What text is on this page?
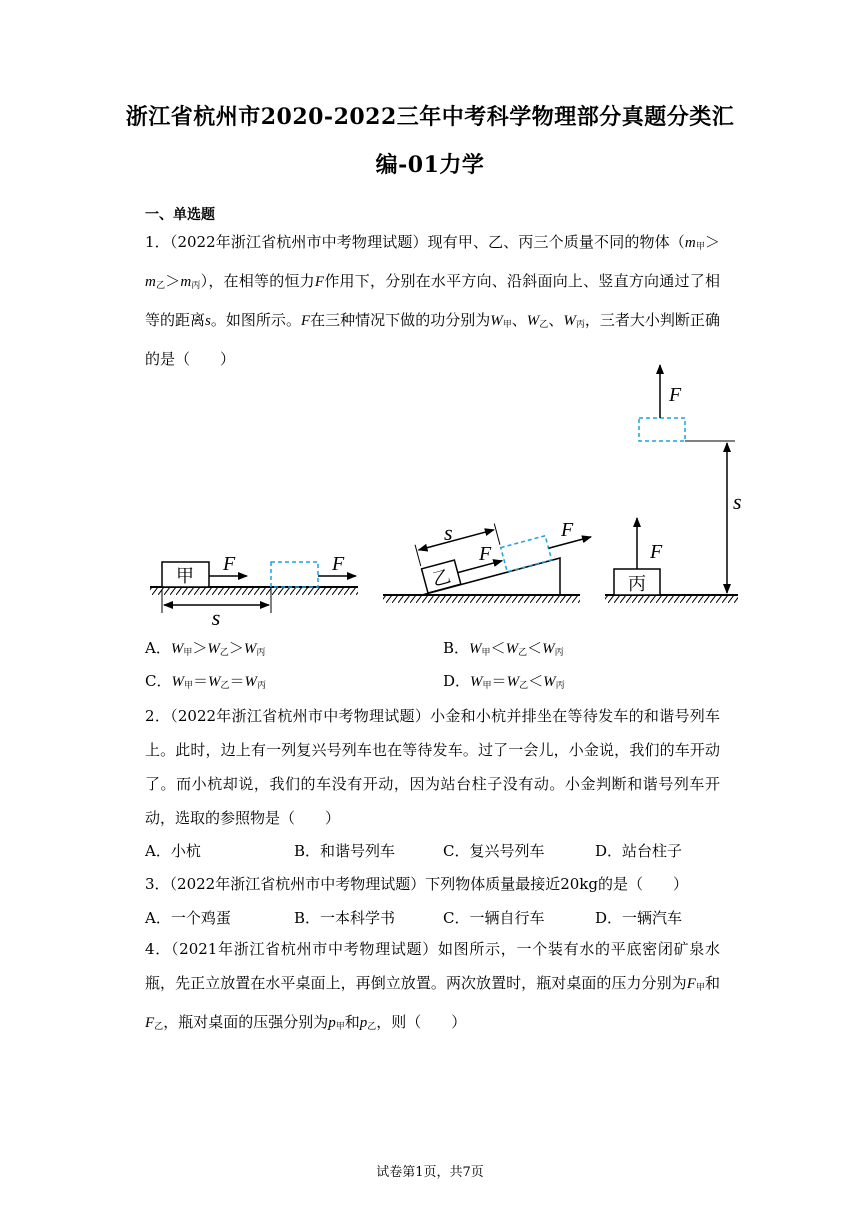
浙江省杭州市2020-2022三年中考科学物理部分真题分类汇
编-01力学
一、单选题
1．（2022年浙江省杭州市中考物理试题）现有甲、乙、丙三个质量不同的物体$(m_甲>m_乙>m_丙)$，在相等的恒力F作用下，分别在水平方向、沿斜面向上、竖直方向通过了相等的距离s。如图所示。F在三种情况下做的功分别为$W_甲$、$W_乙$、$W_丙$，三者大小判断正确的是（　　）
甲
F	F
s
乙
F
F
s
丙
F
F
s
A．$W_甲>W_乙>W_丙$	B．$W_甲<W_乙<W_丙$
C．$W_甲=W_乙=W_丙$	D．$W_甲=W_乙<W_丙$
2．（2022年浙江省杭州市中考物理试题）小金和小杭并排坐在等待发车的和谐号列车上。此时，边上有一列复兴号列车也在等待发车。过了一会儿，小金说，我们的车开动了。而小杭却说，我们的车没有开动，因为站台柱子没有动。小金判断和谐号列车开动，选取的参照物是（　　）
A．小杭	B．和谐号列车	C．复兴号列车	D．站台柱子
3．（2022年浙江省杭州市中考物理试题）下列物体质量最接近20kg的是（　　）
A．一个鸡蛋	B．一本科学书	C．一辆自行车	D．一辆汽车
4．（2021年浙江省杭州市中考物理试题）如图所示，一个装有水的平底密闭矿泉水瓶，先正立放置在水平桌面上，再倒立放置。两次放置时，瓶对桌面的压力分别为$F_甲$和$F_乙$，瓶对桌面的压强分别为$p_甲$和$p_乙$，则（　　）
试卷第1页，共7页
